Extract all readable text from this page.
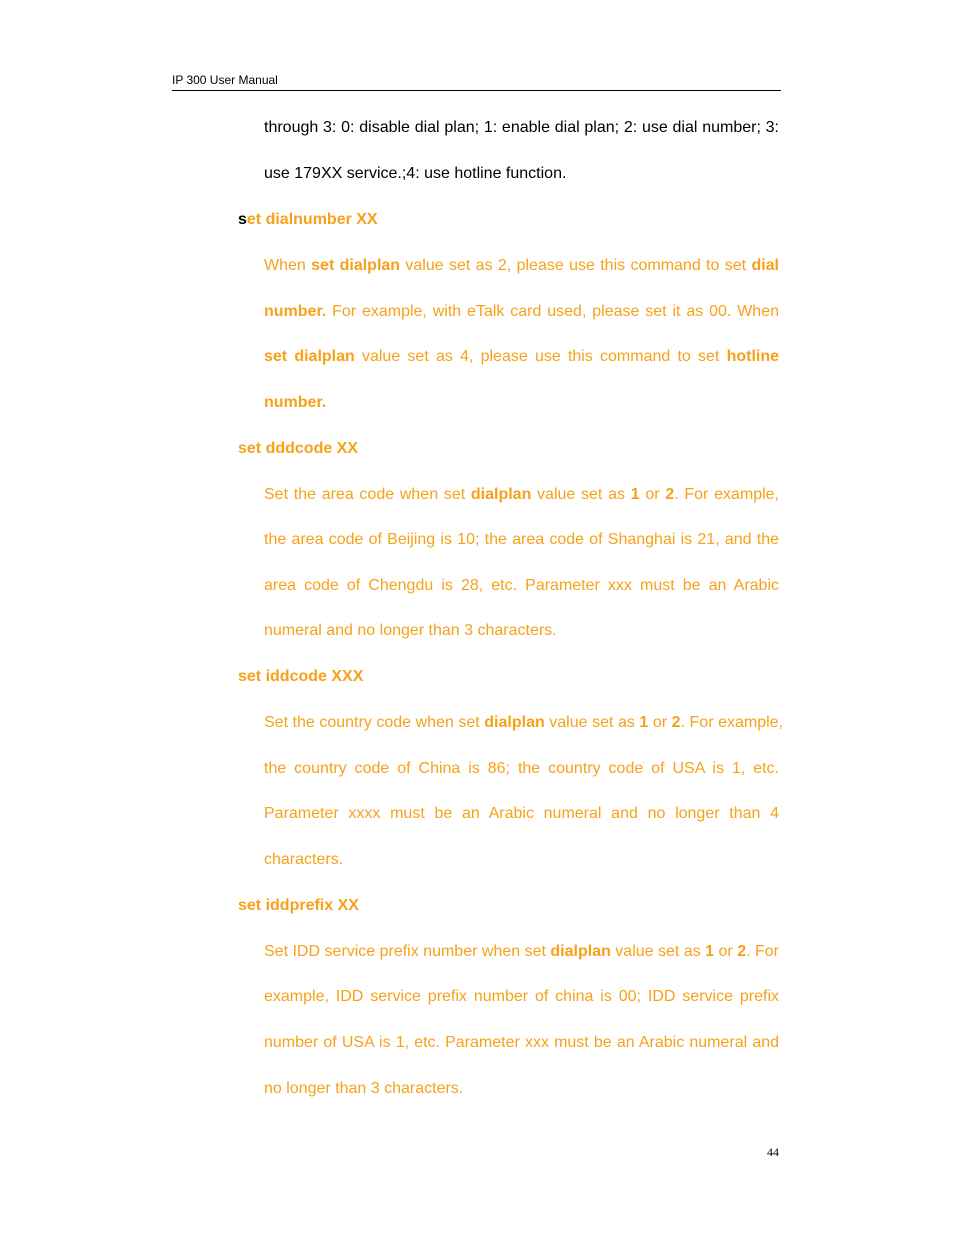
IP 300 User Manual
through 3: 0: disable dial plan; 1: enable dial plan; 2: use dial number; 3:
use 179XX service.;4: use hotline function.
set dialnumber XX
When set dialplan value set as 2, please use this command to set dial
number. For example, with eTalk card used, please set it as 00. When
set dialplan value set as 4, please use this command to set hotline
number.
set dddcode XX
Set the area code when set dialplan value set as 1 or 2. For example,
the area code of Beijing is 10; the area code of Shanghai is 21, and the
area code of Chengdu is 28, etc. Parameter xxx must be an Arabic
numeral and no longer than 3 characters.
set iddcode XXX
Set the country code when set dialplan value set as 1 or 2. For example,
the country code of China is 86; the country code of USA is 1, etc.
Parameter xxxx must be an Arabic numeral and no longer than 4
characters.
set iddprefix XX
Set IDD service prefix number when set dialplan value set as 1 or 2. For
example, IDD service prefix number of china is 00; IDD service prefix
number of USA is 1, etc. Parameter xxx must be an Arabic numeral and
no longer than 3 characters.
44
